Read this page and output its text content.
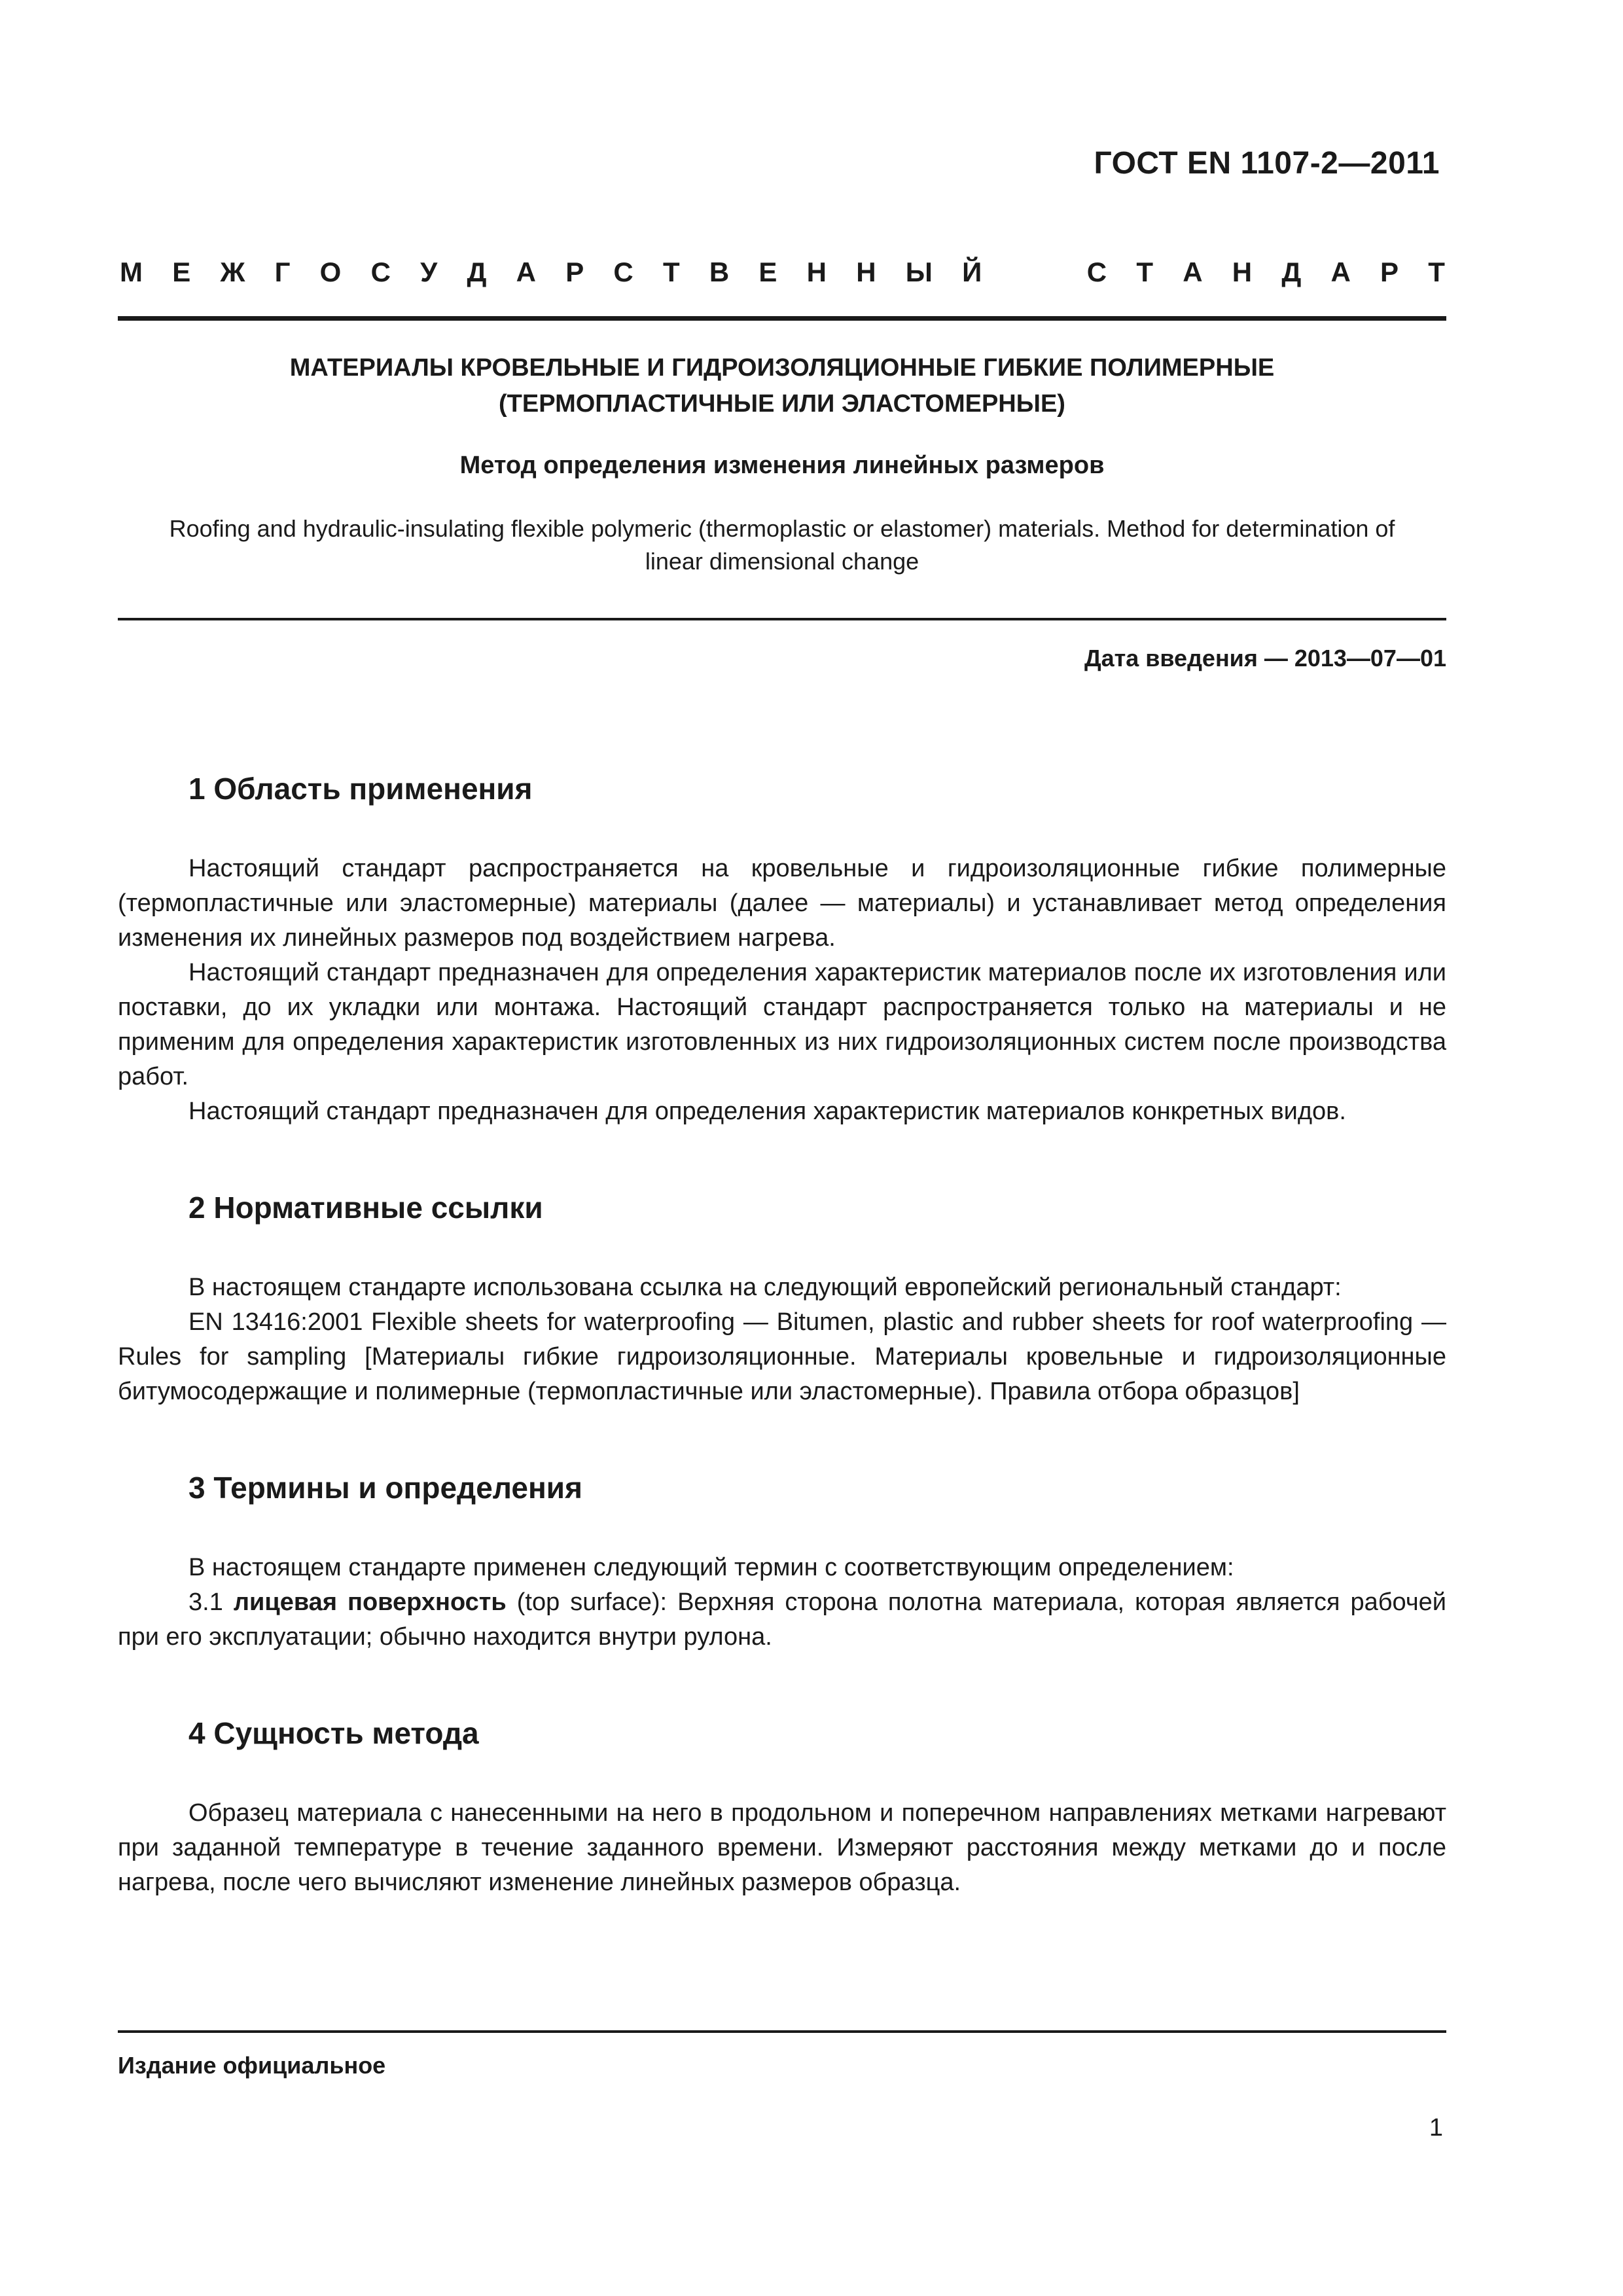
ГОСТ EN 1107-2—2011
М Е Ж Г О С У Д А Р С Т В Е Н Н Ы Й	С Т А Н Д А Р Т
МАТЕРИАЛЫ КРОВЕЛЬНЫЕ И ГИДРОИЗОЛЯЦИОННЫЕ ГИБКИЕ ПОЛИМЕРНЫЕ
(ТЕРМОПЛАСТИЧНЫЕ ИЛИ ЭЛАСТОМЕРНЫЕ)
Метод определения изменения линейных размеров
Roofing and hydraulic-insulating flexible polymeric (thermoplastic or elastomer) materials. Method for determination of
linear dimensional change
Дата введения — 2013—07—01
1 Область применения

Настоящий стандарт распространяется на кровельные и гидроизоляционные гибкие полимерные (термопластичные или эластомерные) материалы (далее — материалы) и устанавливает метод определения изменения их линейных размеров под воздействием нагрева.

Настоящий стандарт предназначен для определения характеристик материалов после их изготовления или поставки, до их укладки или монтажа. Настоящий стандарт распространяется только на материалы и не применим для определения характеристик изготовленных из них гидроизоляционных систем после производства работ.

Настоящий стандарт предназначен для определения характеристик материалов конкретных видов.

2 Нормативные ссылки

В настоящем стандарте использована ссылка на следующий европейский региональный стандарт:

EN 13416:2001 Flexible sheets for waterproofing — Bitumen, plastic and rubber sheets for roof waterproofing — Rules for sampling [Материалы гибкие гидроизоляционные. Материалы кровельные и гидроизоляционные битумосодержащие и полимерные (термопластичные или эластомерные). Правила отбора образцов]

3 Термины и определения

В настоящем стандарте применен следующий термин с соответствующим определением:

3.1 лицевая поверхность (top surface): Верхняя сторона полотна материала, которая является рабочей при его эксплуатации; обычно находится внутри рулона.

4 Сущность метода

Образец материала с нанесенными на него в продольном и поперечном направлениях метками нагревают при заданной температуре в течение заданного времени. Измеряют расстояния между метками до и после нагрева, после чего вычисляют изменение линейных размеров образца.

Издание официальное
1
